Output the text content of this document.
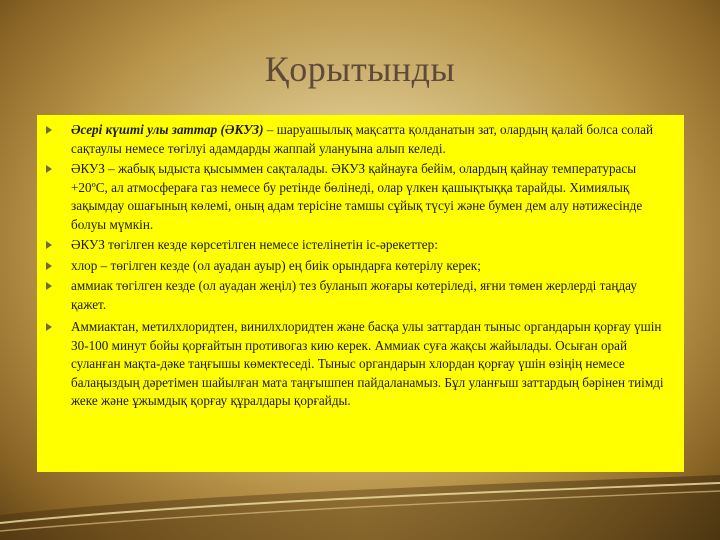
Қорытынды
Әсері күшті улы заттар (ӘКУЗ) – шаруашылық мақсатта қолданатын зат, олардың қалай болса солай сақтаулы немесе төгілуі адамдарды жаппай улануына алып келеді.
ӘКУЗ – жабық ыдыста қысыммен сақталады. ӘКУЗ қайнауға бейім, олардың қайнау температурасы +20ºС, ал атмосфераға газ немесе бу ретінде бөлінеді, олар үлкен қашықтыққа тарайды. Химиялық зақымдау ошағының көлемі, оның адам терісіне тамшы сұйық түсуі және бумен дем алу нәтижесінде болуы мүмкін.
ӘКУЗ төгілген кезде көрсетілген немесе істелінетін іс-әрекеттер:
хлор – төгілген кезде (ол ауадан ауыр) ең биік орындарға көтерілу керек;
аммиак төгілген кезде (ол ауадан жеңіл) тез буланып жоғары көтеріледі, яғни төмен жерлерді таңдау қажет.
Аммиактан, метилхлоридтен, винилхлоридтен және басқа улы заттардан тыныс органдарын қорғау үшін 30-100 минут бойы қорғайтын противогаз кию керек. Аммиак суға жақсы жайылады. Осыған орай суланған мақта-дәке таңғышы көмектеседі. Тыныс органдарын хлордан қорғау үшін өзіңің немесе балаңыздың дәретімен шайылған мата таңғышпен пайдаланамыз. Бұл уланғыш заттардың бәрінен тиімді жеке және ұжымдық қорғау құралдары қорғайды.
